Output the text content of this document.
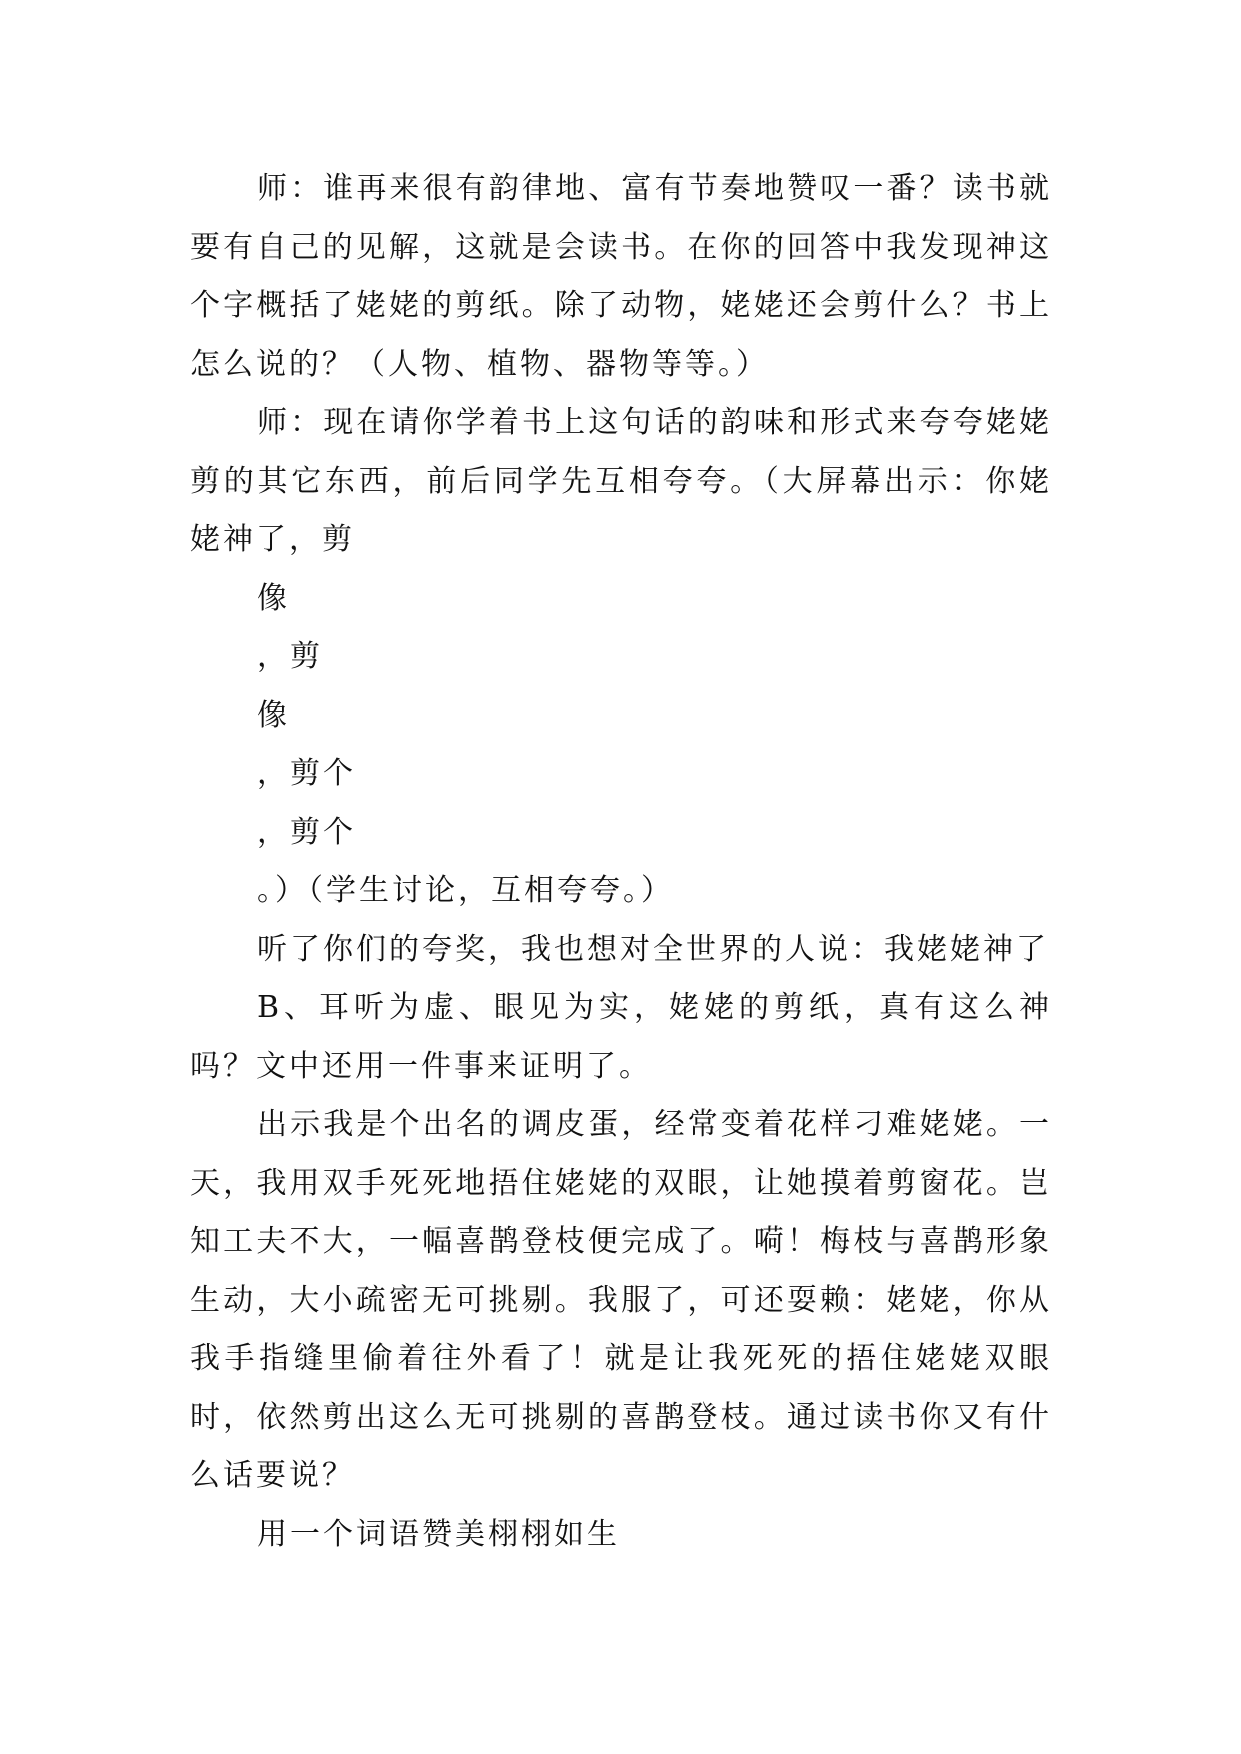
师：谁再来很有韵律地、富有节奏地赞叹一番？读书就要有自己的见解，这就是会读书。在你的回答中我发现神这个字概括了姥姥的剪纸。除了动物，姥姥还会剪什么？书上怎么说的？（人物、植物、器物等等。）

师：现在请你学着书上这句话的韵味和形式来夸夸姥姥剪的其它东西，前后同学先互相夸夸。（大屏幕出示：你姥姥神了，剪

像

，剪

像

，剪个

，剪个

。）（学生讨论，互相夸夸。）

听了你们的夸奖，我也想对全世界的人说：我姥姥神了

B、耳听为虚、眼见为实，姥姥的剪纸，真有这么神吗？文中还用一件事来证明了。

出示我是个出名的调皮蛋，经常变着花样刁难姥姥。一天，我用双手死死地捂住姥姥的双眼，让她摸着剪窗花。岂知工夫不大，一幅喜鹊登枝便完成了。嗬！梅枝与喜鹊形象生动，大小疏密无可挑剔。我服了，可还耍赖：姥姥，你从我手指缝里偷着往外看了！就是让我死死的捂住姥姥双眼时，依然剪出这么无可挑剔的喜鹊登枝。通过读书你又有什么话要说？

用一个词语赞美栩栩如生
